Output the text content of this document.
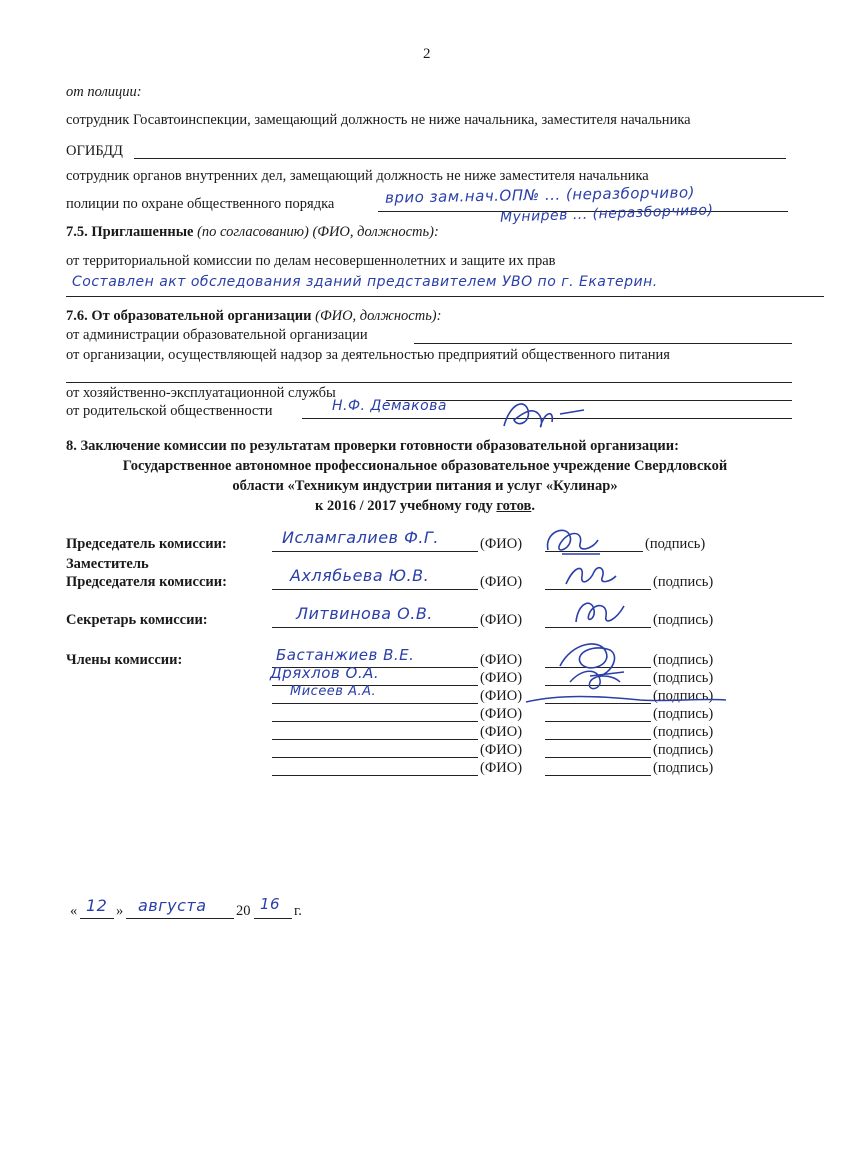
2
от полиции:
сотрудник Госавтоинспекции, замещающий должность не ниже начальника, заместителя начальника
ОГИБДД
сотрудник органов внутренних дел, замещающий должность не ниже заместителя начальника
полиции по охране общественного порядка	врио зам.нач.ОП№ ... (неразборчиво)
Мунирев ... (неразборчиво)
7.5. Приглашенные (по согласованию) (ФИО, должность):
от территориальной комиссии по делам несовершеннолетних и защите их прав
Составлен акт обследования зданий представителем УВО по г. Екатерин.
7.6. От образовательной организации (ФИО, должность):
от администрации образовательной организации
от организации, осуществляющей надзор за деятельностью предприятий общественного питания
от хозяйственно-эксплуатационной службы
от родительской общественности	Н.Ф. Демакова
8. Заключение комиссии по результатам проверки готовности образовательной организации:
Государственное автономное профессиональное образовательное учреждение Свердловской
области «Техникум индустрии питания и услуг «Кулинар»
к 2016 / 2017 учебному году готов.
Председатель комиссии:	Исламгалиев Ф.Г.	(ФИО)	(подпись)
Заместитель
Председателя комиссии:	Ахлябьева Ю.В.	(ФИО)	(подпись)
Секретарь комиссии:	Литвинова О.В.	(ФИО)	(подпись)
Члены комиссии:	Бастанжиев В.Е.	(ФИО)	(подпись)
Дряхлов О.А.	(ФИО)	(подпись)
Мисеев А.А.	(ФИО)	(подпись)
(ФИО)	(подпись)
(ФИО)	(подпись)
(ФИО)	(подпись)
(ФИО)	(подпись)
« 12 » августа 20 16 г.
